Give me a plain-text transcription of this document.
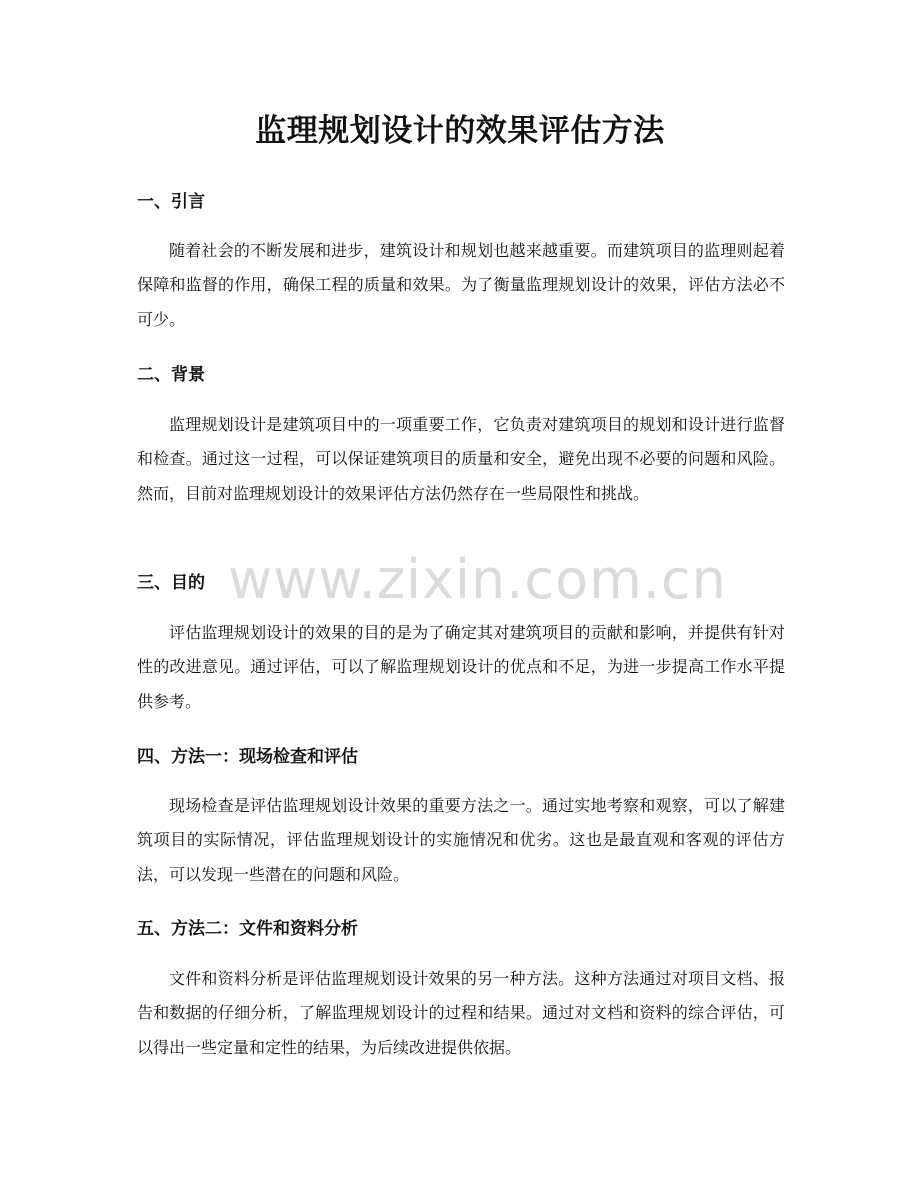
监理规划设计的效果评估方法
一、引言

随着社会的不断发展和进步，建筑设计和规划也越来越重要。而建筑项目的监理则起着保障和监督的作用，确保工程的质量和效果。为了衡量监理规划设计的效果，评估方法必不可少。

二、背景

监理规划设计是建筑项目中的一项重要工作，它负责对建筑项目的规划和设计进行监督和检查。通过这一过程，可以保证建筑项目的质量和安全，避免出现不必要的问题和风险。然而，目前对监理规划设计的效果评估方法仍然存在一些局限性和挑战。

三、目的

评估监理规划设计的效果的目的是为了确定其对建筑项目的贡献和影响，并提供有针对性的改进意见。通过评估，可以了解监理规划设计的优点和不足，为进一步提高工作水平提供参考。

四、方法一：现场检查和评估

现场检查是评估监理规划设计效果的重要方法之一。通过实地考察和观察，可以了解建筑项目的实际情况，评估监理规划设计的实施情况和优劣。这也是最直观和客观的评估方法，可以发现一些潜在的问题和风险。

五、方法二：文件和资料分析

文件和资料分析是评估监理规划设计效果的另一种方法。这种方法通过对项目文档、报告和数据的仔细分析，了解监理规划设计的过程和结果。通过对文档和资料的综合评估，可以得出一些定量和定性的结果，为后续改进提供依据。

www.zixin.com.cn
